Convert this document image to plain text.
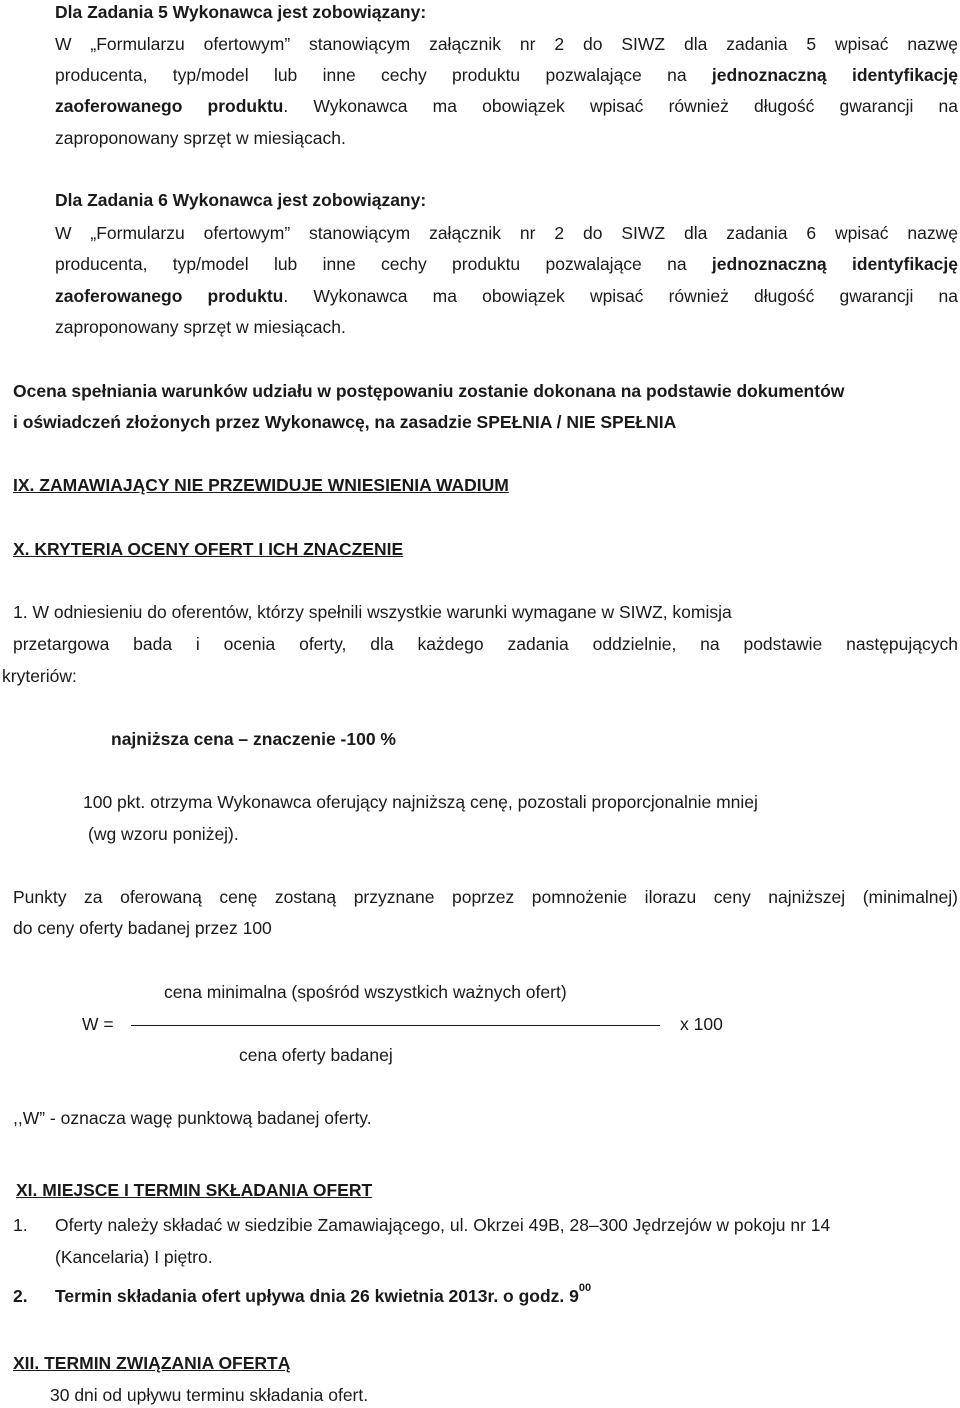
Dla Zadania 5 Wykonawca jest zobowiązany:
W „Formularzu ofertowym” stanowiącym załącznik nr 2 do SIWZ dla zadania 5 wpisać nazwę
producenta, typ/model lub inne cechy produktu pozwalające na jednoznaczną identyfikację
zaoferowanego produktu. Wykonawca ma obowiązek wpisać również długość gwarancji na
zaproponowany sprzęt w miesiącach.
Dla Zadania 6 Wykonawca jest zobowiązany:
W „Formularzu ofertowym” stanowiącym załącznik nr 2 do SIWZ dla zadania 6 wpisać nazwę
producenta, typ/model lub inne cechy produktu pozwalające na jednoznaczną identyfikację
zaoferowanego produktu. Wykonawca ma obowiązek wpisać również długość gwarancji na
zaproponowany sprzęt w miesiącach.
Ocena spełniania warunków udziału w postępowaniu zostanie dokonana na podstawie dokumentów
i oświadczeń złożonych przez Wykonawcę, na zasadzie SPEŁNIA / NIE SPEŁNIA
IX. ZAMAWIAJĄCY NIE PRZEWIDUJE WNIESIENIA WADIUM
X. KRYTERIA OCENY OFERT I ICH ZNACZENIE
1. W odniesieniu do oferentów, którzy spełnili wszystkie warunki wymagane w SIWZ, komisja
przetargowa bada i ocenia oferty, dla każdego zadania oddzielnie, na podstawie następujących
kryteriów:
najniższa cena – znaczenie -100 %
100 pkt. otrzyma Wykonawca oferujący najniższą cenę, pozostali proporcjonalnie mniej
(wg wzoru poniżej).
Punkty za oferowaną cenę zostaną przyznane poprzez pomnożenie ilorazu ceny najniższej (minimalnej)
do ceny oferty badanej przez 100
cena minimalna (spośród wszystkich ważnych ofert)
W =	x 100
cena oferty badanej
,,W” - oznacza wagę punktową badanej oferty.
XI. MIEJSCE I TERMIN SKŁADANIA OFERT
1. Oferty należy składać w siedzibie Zamawiającego, ul. Okrzei 49B, 28–300 Jędrzejów w pokoju nr 14
(Kancelaria) I piętro.
2. Termin składania ofert upływa dnia 26 kwietnia 2013r. o godz. $9^{00}$
XII. TERMIN ZWIĄZANIA OFERTĄ
30 dni od upływu terminu składania ofert.
